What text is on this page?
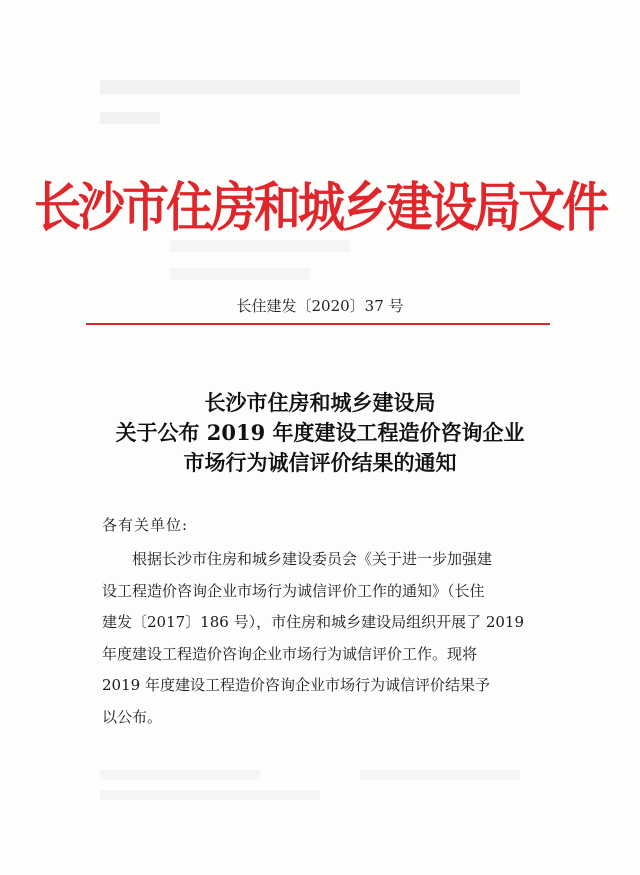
长沙市住房和城乡建设局文件
长住建发〔2020〕37 号
长沙市住房和城乡建设局
关于公布 2019 年度建设工程造价咨询企业
市场行为诚信评价结果的通知
各有关单位:
　　根据长沙市住房和城乡建设委员会《关于进一步加强建
设工程造价咨询企业市场行为诚信评价工作的通知》（长住
建发〔2017〕186 号），市住房和城乡建设局组织开展了 2019
年度建设工程造价咨询企业市场行为诚信评价工作。现将
2019 年度建设工程造价咨询企业市场行为诚信评价结果予
以公布。
